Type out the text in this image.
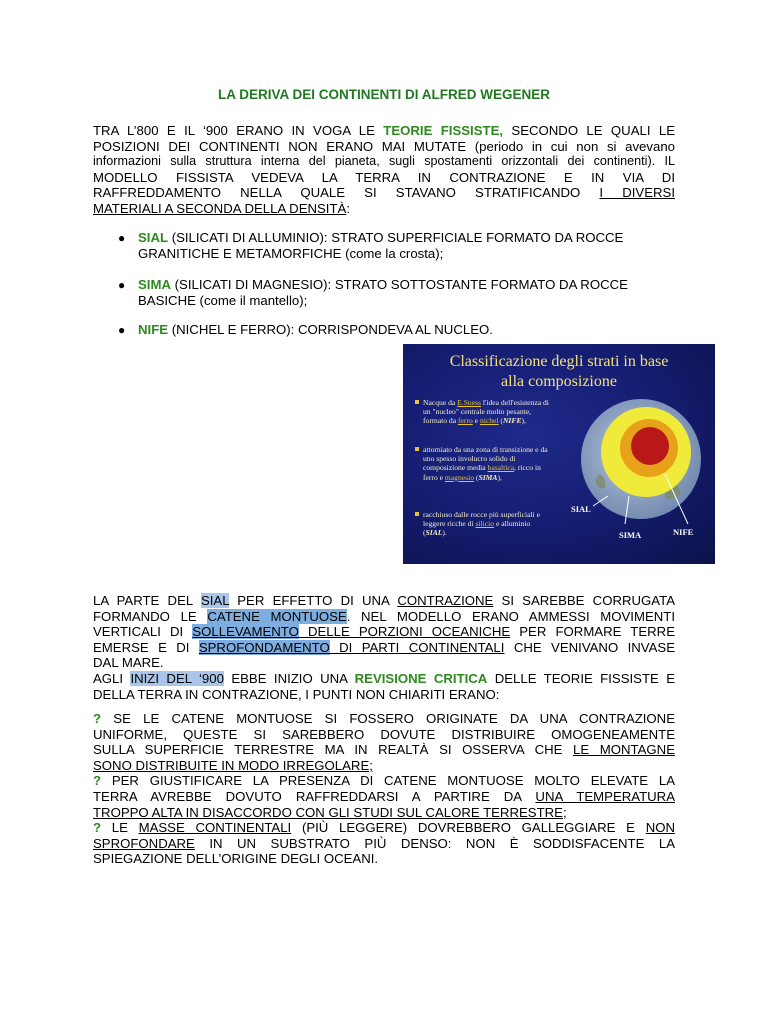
LA DERIVA DEI CONTINENTI DI ALFRED WEGENER
TRA L’800 E IL ‘900 ERANO IN VOGA LE TEORIE FISSISTE, SECONDO LE QUALI LE
POSIZIONI DEI CONTINENTI NON ERANO MAI MUTATE (periodo in cui non si avevano
informazioni sulla struttura interna del pianeta, sugli spostamenti orizzontali dei continenti). IL
MODELLO FISSISTA VEDEVA LA TERRA IN CONTRAZIONE E IN VIA DI
RAFFREDDAMENTO NELLA QUALE SI STAVANO STRATIFICANDO I DIVERSI
MATERIALI A SECONDA DELLA DENSITÀ:
● SIAL (SILICATI DI ALLUMINIO): STRATO SUPERFICIALE FORMATO DA ROCCE
GRANITICHE E METAMORFICHE (come la crosta);
● SIMA (SILICATI DI MAGNESIO): STRATO SOTTOSTANTE FORMATO DA ROCCE
BASICHE (come il mantello);
● NIFE (NICHEL E FERRO): CORRISPONDEVA AL NUCLEO.
Classificazione degli strati in base
alla composizione
Nacque da E.Suess l'idea dell'esistenza di un "nucleo" centrale molto pesante, formato da ferro e nichel (NIFE),
attorniato da una zona di transizione e da uno spesso involucro solido di composizione media basaltica, ricco in ferro e magnesio (SIMA),
racchiuso dalle rocce più superficiali e leggere ricche di silicio e alluminio (SIAL).
SIAL
SIMA	NIFE
LA PARTE DEL SIAL PER EFFETTO DI UNA CONTRAZIONE SI SAREBBE CORRUGATA
FORMANDO LE CATENE MONTUOSE. NEL MODELLO ERANO AMMESSI MOVIMENTI
VERTICALI DI SOLLEVAMENTO DELLE PORZIONI OCEANICHE PER FORMARE TERRE
EMERSE E DI SPROFONDAMENTO DI PARTI CONTINENTALI CHE VENIVANO INVASE
DAL MARE.
AGLI INIZI DEL ‘900 EBBE INIZIO UNA REVISIONE CRITICA DELLE TEORIE FISSISTE E
DELLA TERRA IN CONTRAZIONE, I PUNTI NON CHIARITI ERANO:
? SE LE CATENE MONTUOSE SI FOSSERO ORIGINATE DA UNA CONTRAZIONE
UNIFORME, QUESTE SI SAREBBERO DOVUTE DISTRIBUIRE OMOGENEAMENTE
SULLA SUPERFICIE TERRESTRE MA IN REALTÀ SI OSSERVA CHE LE MONTAGNE
SONO DISTRIBUITE IN MODO IRREGOLARE;
? PER GIUSTIFICARE LA PRESENZA DI CATENE MONTUOSE MOLTO ELEVATE LA
TERRA AVREBBE DOVUTO RAFFREDDARSI A PARTIRE DA UNA TEMPERATURA
TROPPO ALTA IN DISACCORDO CON GLI STUDI SUL CALORE TERRESTRE;
? LE MASSE CONTINENTALI (PIÙ LEGGERE) DOVREBBERO GALLEGGIARE E NON
SPROFONDARE IN UN SUBSTRATO PIÙ DENSO: NON È SODDISFACENTE LA
SPIEGAZIONE DELL’ORIGINE DEGLI OCEANI.
